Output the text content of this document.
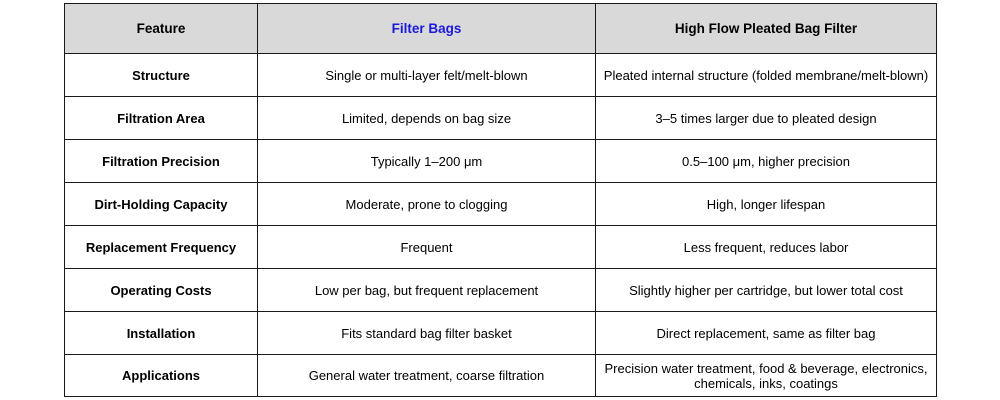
Feature	Filter Bags	High Flow Pleated Bag Filter
Structure	Single or multi-layer felt/melt-blown	Pleated internal structure (folded membrane/melt-blown)
Filtration Area	Limited, depends on bag size	3–5 times larger due to pleated design
Filtration Precision	Typically 1–200 μm	0.5–100 μm, higher precision
Dirt-Holding Capacity	Moderate, prone to clogging	High, longer lifespan
Replacement Frequency	Frequent	Less frequent, reduces labor
Operating Costs	Low per bag, but frequent replacement	Slightly higher per cartridge, but lower total cost
Installation	Fits standard bag filter basket	Direct replacement, same as filter bag
Applications	General water treatment, coarse filtration	Precision water treatment, food & beverage, electronics, chemicals, inks, coatings
